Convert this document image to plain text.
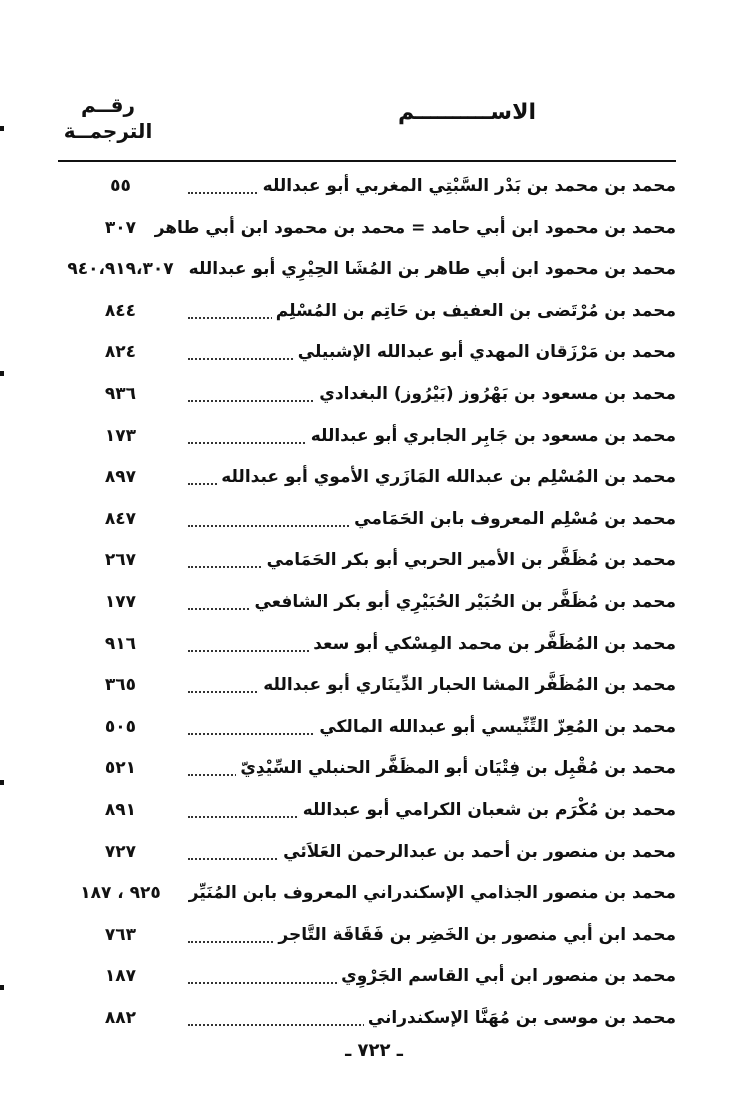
الاســــــــــم
رقــم
الترجمــة
محمد بن محمد بن بَدْر السَّبْتِي المغربي أبو عبدالله
٥٥
محمد بن محمود ابن أبي حامد = محمد بن محمود ابن أبي طاهر
٣٠٧
محمد بن محمود ابن أبي طاهر بن المُشَا الحِيْرِي أبو عبدالله
٩٤٠،٩١٩،٣٠٧
محمد بن مُرْتَضى بن العفيف بن حَاتِم بن المُسْلِم
٨٤٤
محمد بن مَرْزَقان المهدي أبو عبدالله الإشبيلي
٨٢٤
محمد بن مسعود بن بَهْرُوز (بَيْرُوز) البغدادي
٩٣٦
محمد بن مسعود بن جَابِر الجابري أبو عبدالله
١٧٣
محمد بن المُسْلِم بن عبدالله المَازَري الأموي أبو عبدالله
٨٩٧
محمد بن مُسْلِم المعروف بابن الحَمَامي
٨٤٧
محمد بن مُظَفَّر بن الأمير الحربي أبو بكر الحَمَامي
٢٦٧
محمد بن مُظَفَّر بن الحُبَيْر الحُبَيْرِي أبو بكر الشافعي
١٧٧
محمد بن المُظَفَّر بن محمد المِسْكي أبو سعد
٩١٦
محمد بن المُظَفَّر المشا الحبار الدِّينَاري أبو عبدالله
٣٦٥
محمد بن المُعِزّ التِّنِّيسي أبو عبدالله المالكي
٥٠٥
محمد بن مُقْبِل بن فِتْيَان أبو المظَفَّر الحنبلي السِّيْدِيّ
٥٢١
محمد بن مُكْرَم بن شعبان الكرامي أبو عبدالله
٨٩١
محمد بن منصور بن أحمد بن عبدالرحمن العَلاَئي
٧٢٧
محمد بن منصور الجذامي الإسكندراني المعروف بابن المُنَيِّر
٩٢٥ ، ١٨٧
محمد ابن أبي منصور بن الخَضِر بن فَقَاقَة التَّاجر
٧٦٣
محمد بن منصور ابن أبي القاسم الجَرْوِي
١٨٧
محمد بن موسى بن مُهَنَّا الإسكندراني
٨٨٢
ـ ٧٢٢ ـ
